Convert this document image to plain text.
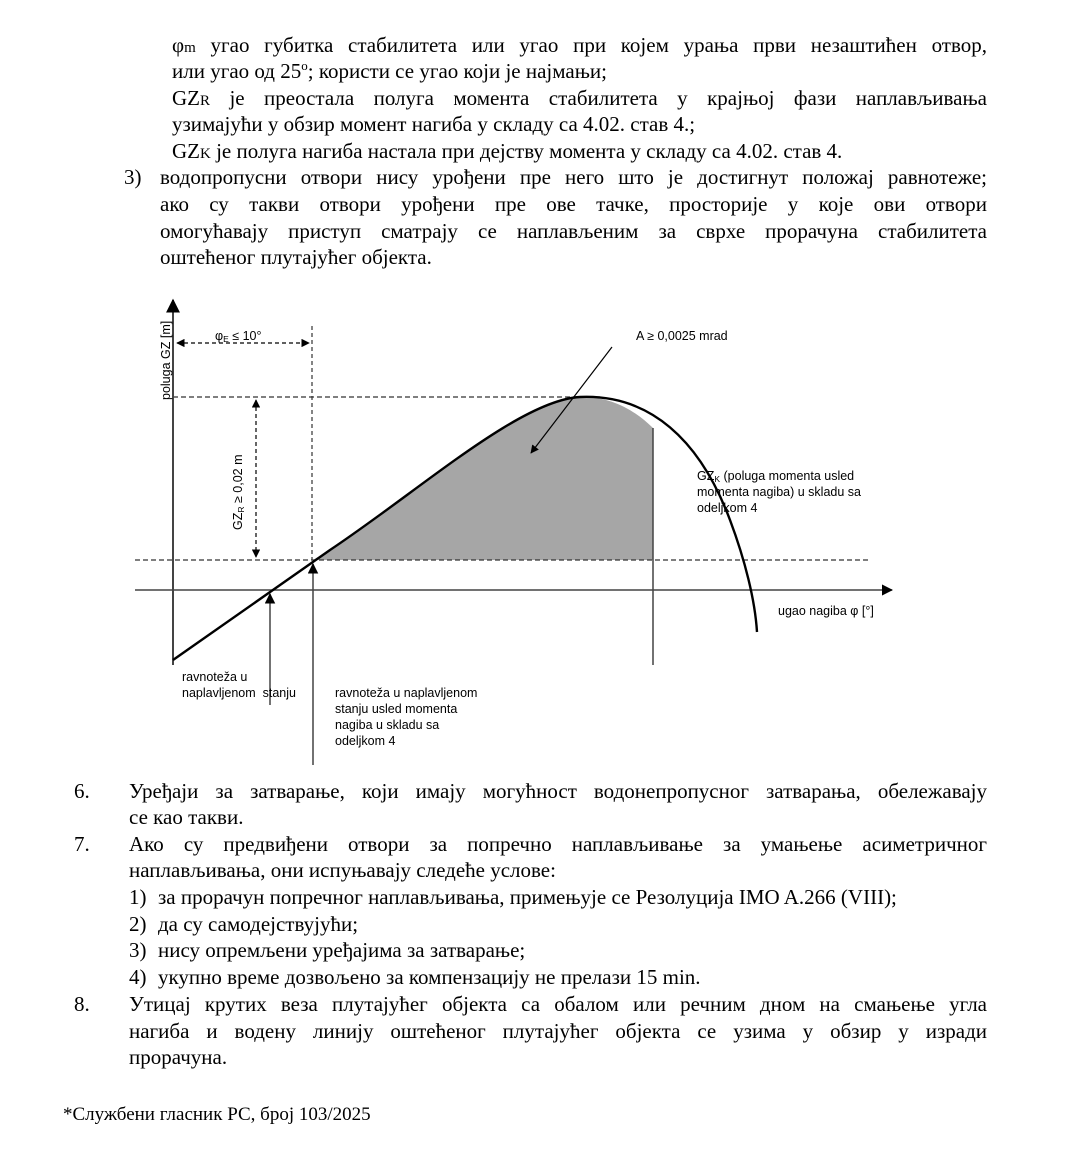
φm угао губитка стабилитета или угао при којем урања први незаштићен отвор,
или угао од 25$^o$; користи се угао који је најмањи;
GZR је преостала полуга момента стабилитета у крајњој фази наплављивања
узимајући у обзир момент нагиба у складу са 4.02. став 4.;
GZK је полуга нагиба настала при дејству момента у складу са 4.02. став 4.
3) водопропусни отвори нису урођени пре него што је достигнут положај равнотеже;
ако су такви отвори урођени пре ове тачке, просторије у које ови отвори
омогућавају приступ сматрају се наплављеним за сврхе прорачуна стабилитета
оштећеног плутајућег објекта.
poluga GZ [m]	φE ≤ 10°
GZR ≥ 0,02 m
A ≥ 0,0025 mrad
GZK (poluga momenta usled
momenta nagiba) u skladu sa
odeljkom 4
ugao nagiba φ [°]
ravnoteža u
naplavljenom  stanju	ravnoteža u naplavljenom
stanju usled momenta
nagiba u skladu sa
odeljkom 4
6. Уређаји за затварање, који имају могућност водонепропусног затварања, обележавају
се као такви.
7. Ако су предвиђени отвори за попречно наплављивање за умањење асиметричног
наплављивања, они испуњавају следеће услове:
1) за прорачун попречног наплављивања, примењује се Резолуција IMO A.266 (VIII);
2) да су самодејствујући;
3) нису опремљени уређајима за затварање;
4) укупно време дозвољено за компензацију не прелази 15 min.
8. Утицај крутих веза плутајућег објекта са обалом или речним дном на смањење угла
нагиба и водену линију оштећеног плутајућег објекта се узима у обзир у изради
прорачуна.
*Службени гласник РС, број 103/2025
